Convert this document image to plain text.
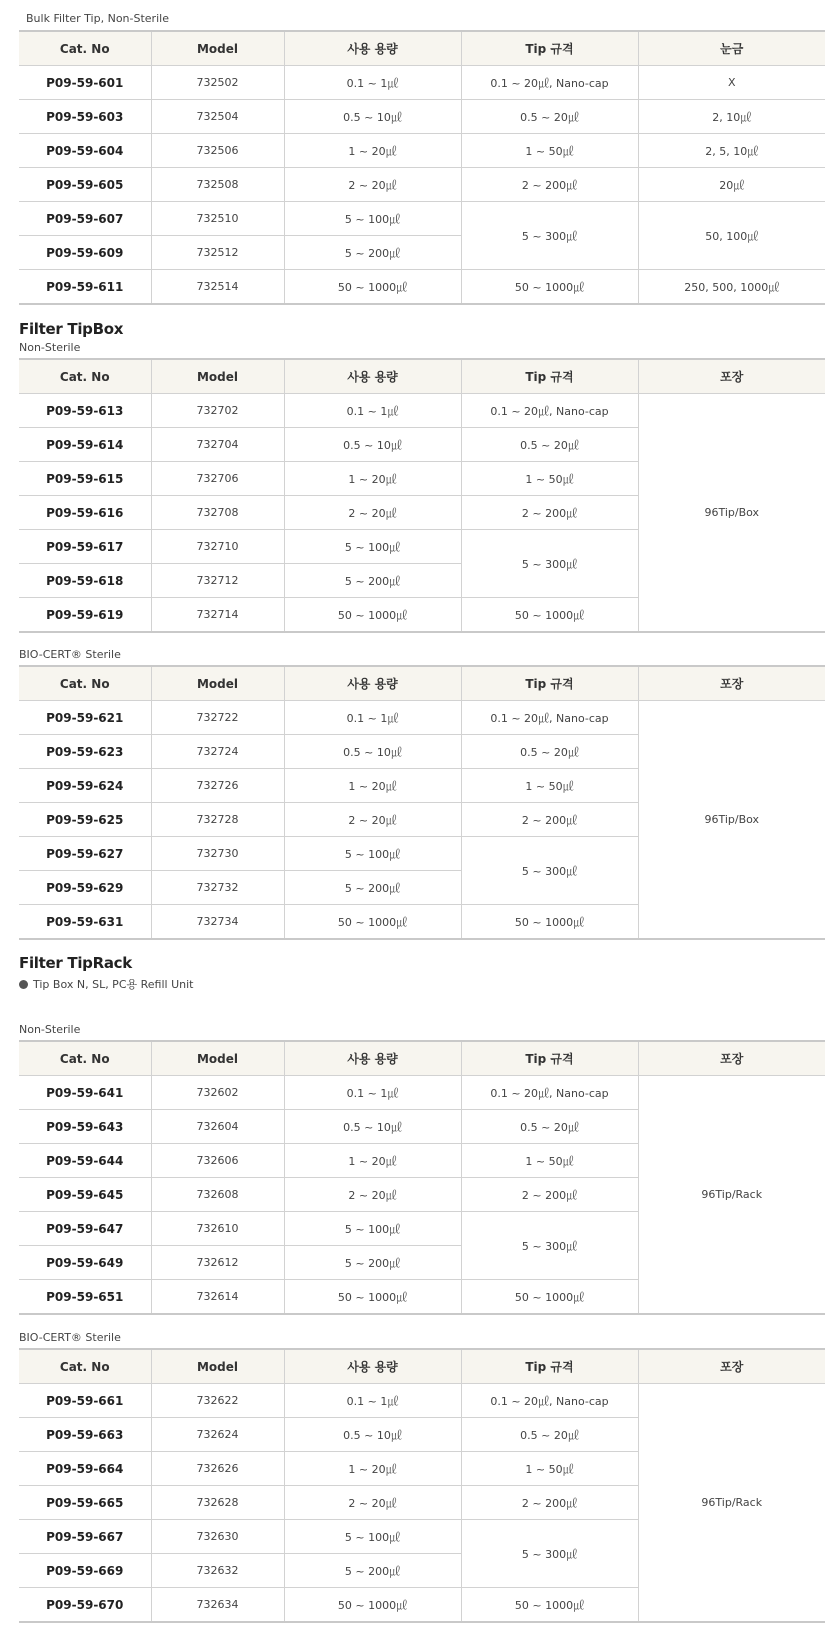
Bulk Filter Tip, Non-Sterile
Cat. No	Model	사용 용량	Tip 규격	눈금
P09-59-601	732502	0.1 ~ 1㎕	0.1 ~ 20㎕, Nano-cap	X
P09-59-603	732504	0.5 ~ 10㎕	0.5 ~ 20㎕	2, 10㎕
P09-59-604	732506	1 ~ 20㎕	1 ~ 50㎕	2, 5, 10㎕
P09-59-605	732508	2 ~ 20㎕	2 ~ 200㎕	20㎕
P09-59-607	732510	5 ~ 100㎕	5 ~ 300㎕	50, 100㎕
P09-59-609	732512	5 ~ 200㎕		
P09-59-611	732514	50 ~ 1000㎕	50 ~ 1000㎕	250, 500, 1000㎕
Filter TipBox
Non-Sterile
Cat. No	Model	사용 용량	Tip 규격	포장
P09-59-613	732702	0.1 ~ 1㎕	0.1 ~ 20㎕, Nano-cap	96Tip/Box
P09-59-614	732704	0.5 ~ 10㎕	0.5 ~ 20㎕	
P09-59-615	732706	1 ~ 20㎕	1 ~ 50㎕	
P09-59-616	732708	2 ~ 20㎕	2 ~ 200㎕	
P09-59-617	732710	5 ~ 100㎕	5 ~ 300㎕	
P09-59-618	732712	5 ~ 200㎕		
P09-59-619	732714	50 ~ 1000㎕	50 ~ 1000㎕	
BIO-CERT® Sterile
Cat. No	Model	사용 용량	Tip 규격	포장
P09-59-621	732722	0.1 ~ 1㎕	0.1 ~ 20㎕, Nano-cap	96Tip/Box
P09-59-623	732724	0.5 ~ 10㎕	0.5 ~ 20㎕	
P09-59-624	732726	1 ~ 20㎕	1 ~ 50㎕	
P09-59-625	732728	2 ~ 20㎕	2 ~ 200㎕	
P09-59-627	732730	5 ~ 100㎕	5 ~ 300㎕	
P09-59-629	732732	5 ~ 200㎕		
P09-59-631	732734	50 ~ 1000㎕	50 ~ 1000㎕	
Filter TipRack
Tip Box N, SL, PC용 Refill Unit
Non-Sterile
Cat. No	Model	사용 용량	Tip 규격	포장
P09-59-641	732602	0.1 ~ 1㎕	0.1 ~ 20㎕, Nano-cap	96Tip/Rack
P09-59-643	732604	0.5 ~ 10㎕	0.5 ~ 20㎕	
P09-59-644	732606	1 ~ 20㎕	1 ~ 50㎕	
P09-59-645	732608	2 ~ 20㎕	2 ~ 200㎕	
P09-59-647	732610	5 ~ 100㎕	5 ~ 300㎕	
P09-59-649	732612	5 ~ 200㎕		
P09-59-651	732614	50 ~ 1000㎕	50 ~ 1000㎕	
BIO-CERT® Sterile
Cat. No	Model	사용 용량	Tip 규격	포장
P09-59-661	732622	0.1 ~ 1㎕	0.1 ~ 20㎕, Nano-cap	96Tip/Rack
P09-59-663	732624	0.5 ~ 10㎕	0.5 ~ 20㎕	
P09-59-664	732626	1 ~ 20㎕	1 ~ 50㎕	
P09-59-665	732628	2 ~ 20㎕	2 ~ 200㎕	
P09-59-667	732630	5 ~ 100㎕	5 ~ 300㎕	
P09-59-669	732632	5 ~ 200㎕		
P09-59-670	732634	50 ~ 1000㎕	50 ~ 1000㎕	
